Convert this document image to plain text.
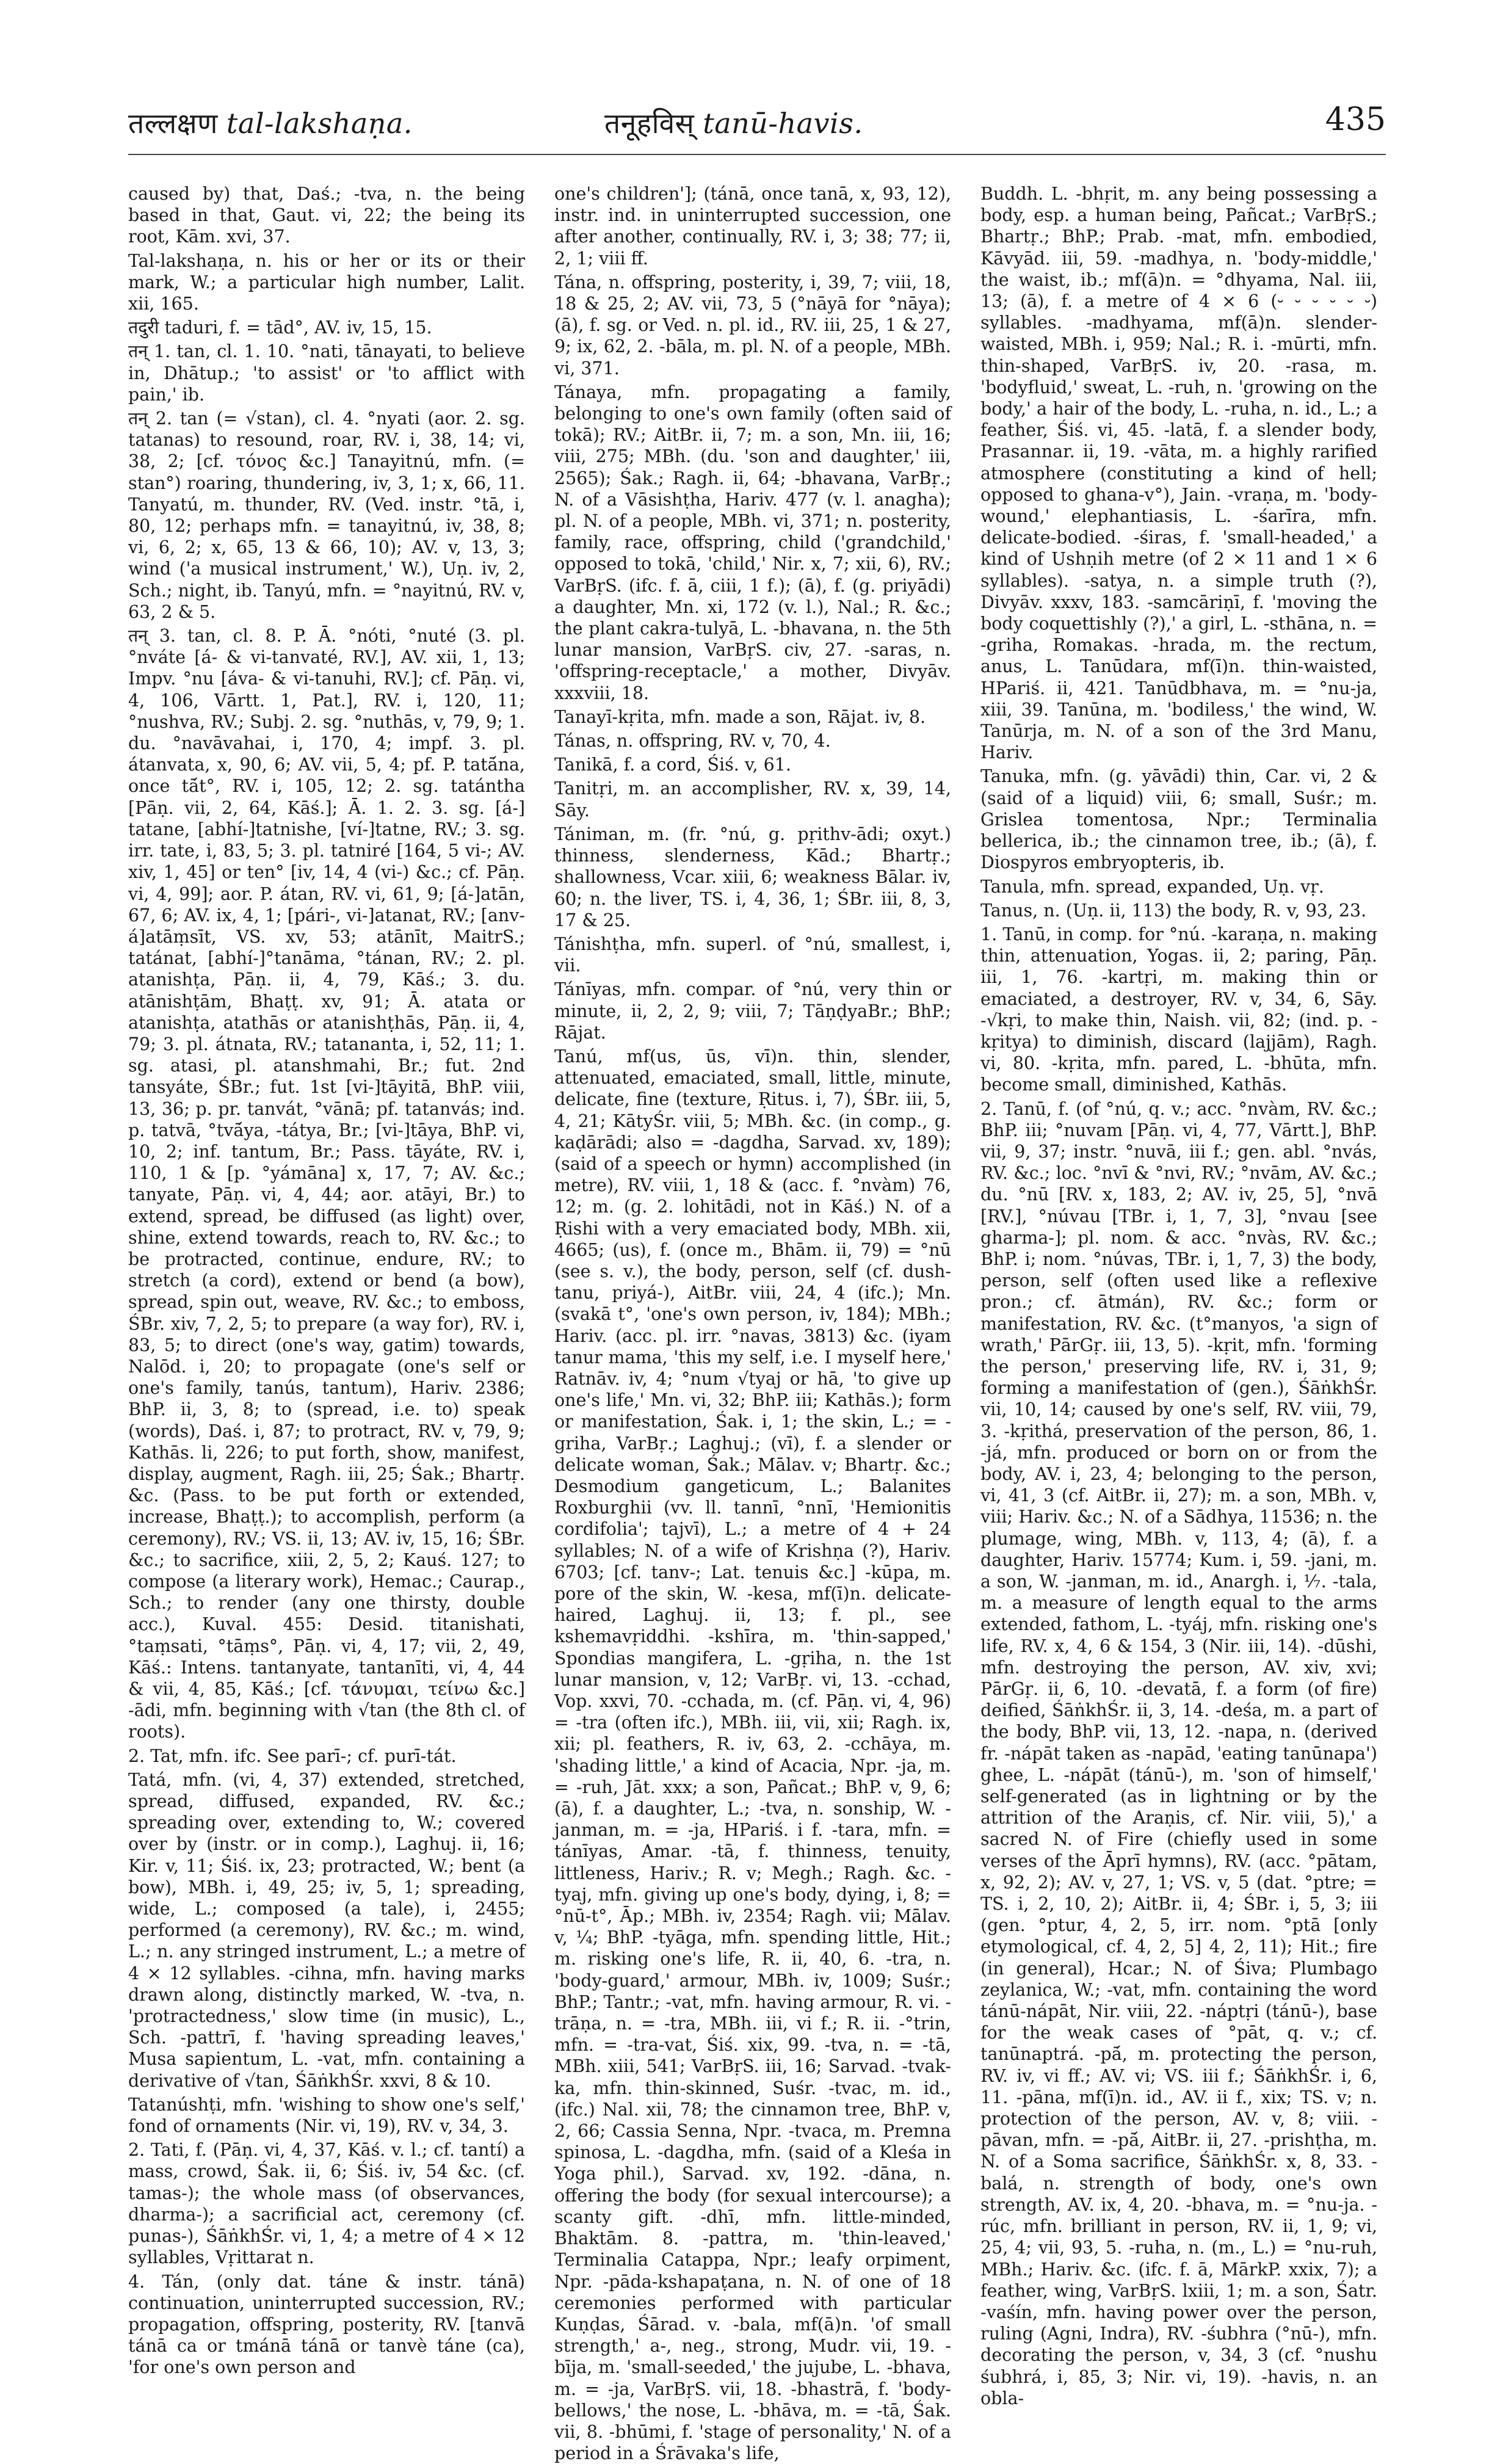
तल्लक्षण tal-lakshaṇa.	तनूहविस् tanū-havis.	435

caused by) that, Daś.; -tva, n. the being based in that, Gaut. vi, 22; the being its root, Kām. xvi, 37.

Tal-lakshaṇa, n. his or her or its or their mark, W.; a particular high number, Lalit. xii, 165.

तदुरी taduri, f. = tād°, AV. iv, 15, 15.

तन् 1. tan, cl. 1. 10. °nati, tānayati, to believe in, Dhātup.; 'to assist' or 'to afflict with pain,' ib.

तन् 2. tan (= √stan), cl. 4. °nyati (aor. 2. sg. tatanas) to resound, roar, RV. i, 38, 14; vi, 38, 2; [cf. τόνος &c.] Tanayitnú, mfn. (= stan°) roaring, thundering, iv, 3, 1; x, 66, 11. Tanyatú, m. thunder, RV. (Ved. instr. °tā, i, 80, 12; perhaps mfn. = tanayitnú, iv, 38, 8; vi, 6, 2; x, 65, 13 & 66, 10); AV. v, 13, 3; wind ('a musical instrument,' W.), Uṇ. iv, 2, Sch.; night, ib. Tanyú, mfn. = °nayitnú, RV. v, 63, 2 & 5.

तन् 3. tan, cl. 8. P. Ā. °nóti, °nuté (3. pl. °nváte [á- & vi-tanvaté, RV.], AV. xii, 1, 13; Impv. °nu [áva- & vi-tanuhi, RV.]; cf. Pāṇ. vi, 4, 106, Vārtt. 1, Pat.], RV. i, 120, 11; °nushva, RV.; Subj. 2. sg. °nuthās, v, 79, 9; 1. du. °navāvahai, i, 170, 4; impf. 3. pl. átanvata, x, 90, 6; AV. vii, 5, 4; pf. P. tatā́na, once tā́t°, RV. i, 105, 12; 2. sg. tatántha [Pāṇ. vii, 2, 64, Kāś.]; Ā. 1. 2. 3. sg. [á-] tatane, [abhí-]tatnishe, [ví-]tatne, RV.; 3. sg. irr. tate, i, 83, 5; 3. pl. tatniré [164, 5 vi-; AV. xiv, 1, 45] or ten° [iv, 14, 4 (vi-) &c.; cf. Pāṇ. vi, 4, 99]; aor. P. átan, RV. vi, 61, 9; [á-]atān, 67, 6; AV. ix, 4, 1; [pári-, vi-]atanat, RV.; [anv-á]atāṃsīt, VS. xv, 53; atānīt, MaitrS.; tatánat, [abhí-]°tanāma, °tánan, RV.; 2. pl. atanishṭa, Pāṇ. ii, 4, 79, Kāś.; 3. du. atānishṭām, Bhaṭṭ. xv, 91; Ā. atata or atanishṭa, atathās or atanishṭhās, Pāṇ. ii, 4, 79; 3. pl. átnata, RV.; tatananta, i, 52, 11; 1. sg. atasi, pl. atanshmahi, Br.; fut. 2nd tansyáte, ŚBr.; fut. 1st [vi-]tāyitā, BhP. viii, 13, 36; p. pr. tanvát, °vānā; pf. tatanvás; ind. p. tatvā, °tvā́ya, -tátya, Br.; [vi-]tāya, BhP. vi, 10, 2; inf. tantum, Br.; Pass. tāyáte, RV. i, 110, 1 & [p. °yámāna] x, 17, 7; AV. &c.; tanyate, Pāṇ. vi, 4, 44; aor. atāyi, Br.) to extend, spread, be diffused (as light) over, shine, extend towards, reach to, RV. &c.; to be protracted, continue, endure, RV.; to stretch (a cord), extend or bend (a bow), spread, spin out, weave, RV. &c.; to emboss, ŚBr. xiv, 7, 2, 5; to prepare (a way for), RV. i, 83, 5; to direct (one's way, gatim) towards, Nalōd. i, 20; to propagate (one's self or one's family, tanús, tantum), Hariv. 2386; BhP. ii, 3, 8; to (spread, i.e. to) speak (words), Daś. i, 87; to protract, RV. v, 79, 9; Kathās. li, 226; to put forth, show, manifest, display, augment, Ragh. iii, 25; Śak.; Bhartṛ. &c. (Pass. to be put forth or extended, increase, Bhaṭṭ.); to accomplish, perform (a ceremony), RV.; VS. ii, 13; AV. iv, 15, 16; ŚBr. &c.; to sacrifice, xiii, 2, 5, 2; Kauś. 127; to compose (a literary work), Hemac.; Caurap., Sch.; to render (any one thirsty, double acc.), Kuval. 455: Desid. titanishati, °taṃsati, °tāṃs°, Pāṇ. vi, 4, 17; vii, 2, 49, Kāś.: Intens. tantanyate, tantanīti, vi, 4, 44 & vii, 4, 85, Kāś.; [cf. τάνυμαι, τείνω &c.] -ādi, mfn. beginning with √tan (the 8th cl. of roots).

2. Tat, mfn. ifc. See parī-; cf. purī-tát.

Tatá, mfn. (vi, 4, 37) extended, stretched, spread, diffused, expanded, RV. &c.; spreading over, extending to, W.; covered over by (instr. or in comp.), Laghuj. ii, 16; Kir. v, 11; Śiś. ix, 23; protracted, W.; bent (a bow), MBh. i, 49, 25; iv, 5, 1; spreading, wide, L.; composed (a tale), i, 2455; performed (a ceremony), RV. &c.; m. wind, L.; n. any stringed instrument, L.; a metre of 4 × 12 syllables. -cihna, mfn. having marks drawn along, distinctly marked, W. -tva, n. 'protractedness,' slow time (in music), L., Sch. -pattrī, f. 'having spreading leaves,' Musa sapientum, L. -vat, mfn. containing a derivative of √tan, ŚāṅkhŚr. xxvi, 8 & 10.

Tatanúshṭi, mfn. 'wishing to show one's self,' fond of ornaments (Nir. vi, 19), RV. v, 34, 3.

2. Tati, f. (Pāṇ. vi, 4, 37, Kāś. v. l.; cf. tantí) a mass, crowd, Śak. ii, 6; Śiś. iv, 54 &c. (cf. tamas-); the whole mass (of observances, dharma-); a sacrificial act, ceremony (cf. punas-), ŚāṅkhŚr. vi, 1, 4; a metre of 4 × 12 syllables, Vṛittarat n.

4. Tán, (only dat. táne & instr. tánā) continuation, uninterrupted succession, RV.; propagation, offspring, posterity, RV. [tanvā tánā ca or tmánā tánā or tanvè táne (ca), 'for one's own person and

one's children']; (tánā, once tanā, x, 93, 12), instr. ind. in uninterrupted succession, one after another, continually, RV. i, 3; 38; 77; ii, 2, 1; viii ff.

Tána, n. offspring, posterity, i, 39, 7; viii, 18, 18 & 25, 2; AV. vii, 73, 5 (°nāyā for °nāya); (ā), f. sg. or Ved. n. pl. id., RV. iii, 25, 1 & 27, 9; ix, 62, 2. -bāla, m. pl. N. of a people, MBh. vi, 371.

Tánaya, mfn. propagating a family, belonging to one's own family (often said of tokā); RV.; AitBr. ii, 7; m. a son, Mn. iii, 16; viii, 275; MBh. (du. 'son and daughter,' iii, 2565); Śak.; Ragh. ii, 64; -bhavana, VarBṛ.; N. of a Vāsishṭha, Hariv. 477 (v. l. anagha); pl. N. of a people, MBh. vi, 371; n. posterity, family, race, offspring, child ('grandchild,' opposed to tokā, 'child,' Nir. x, 7; xii, 6), RV.; VarBṛS. (ifc. f. ā, ciii, 1 f.); (ā), f. (g. priyādi) a daughter, Mn. xi, 172 (v. l.), Nal.; R. &c.; the plant cakra-tulyā, L. -bhavana, n. the 5th lunar mansion, VarBṛS. civ, 27. -saras, n. 'offspring-receptacle,' a mother, Divyāv. xxxviii, 18.

Tanayī-kṛita, mfn. made a son, Rājat. iv, 8.

Tánas, n. offspring, RV. v, 70, 4.

Tanikā, f. a cord, Śiś. v, 61.

Tanitṛi, m. an accomplisher, RV. x, 39, 14, Sāy.

Tániman, m. (fr. °nú, g. pṛithv-ādi; oxyt.) thinness, slenderness, Kād.; Bhartṛ.; shallowness, Vcar. xiii, 6; weakness Bālar. iv, 60; n. the liver, TS. i, 4, 36, 1; ŚBr. iii, 8, 3, 17 & 25.

Tánishṭha, mfn. superl. of °nú, smallest, i, vii.

Tánīyas, mfn. compar. of °nú, very thin or minute, ii, 2, 2, 9; viii, 7; TāṇḍyaBr.; BhP.; Rājat.

Tanú, mf(us, ūs, vī)n. thin, slender, attenuated, emaciated, small, little, minute, delicate, fine (texture, Ṛitus. i, 7), ŚBr. iii, 5, 4, 21; KātyŚr. viii, 5; MBh. &c. (in comp., g. kaḍārādi; also = -dagdha, Sarvad. xv, 189); (said of a speech or hymn) accomplished (in metre), RV. viii, 1, 18 & (acc. f. °nvàm) 76, 12; m. (g. 2. lohitādi, not in Kāś.) N. of a Ṛishi with a very emaciated body, MBh. xii, 4665; (us), f. (once m., Bhām. ii, 79) = °nū (see s. v.), the body, person, self (cf. dush-tanu, priyá-), AitBr. viii, 24, 4 (ifc.); Mn. (svakā t°, 'one's own person, iv, 184); MBh.; Hariv. (acc. pl. irr. °navas, 3813) &c. (iyam tanur mama, 'this my self, i.e. I myself here,' Ratnāv. iv, 4; °num √tyaj or hā, 'to give up one's life,' Mn. vi, 32; BhP. iii; Kathās.); form or manifestation, Śak. i, 1; the skin, L.; = -griha, VarBṛ.; Laghuj.; (vī), f. a slender or delicate woman, Śak.; Mālav. v; Bhartṛ. &c.; Desmodium gangeticum, L.; Balanites Roxburghii (vv. ll. tannī, °nnī, 'Hemionitis cordifolia'; tajvī), L.; a metre of 4 + 24 syllables; N. of a wife of Krishṇa (?), Hariv. 6703; [cf. tanv-; Lat. tenuis &c.] -kūpa, m. pore of the skin, W. -kesa, mf(ī)n. delicate-haired, Laghuj. ii, 13; f. pl., see kshemavṛiddhi. -kshīra, m. 'thin-sapped,' Spondias mangifera, L. -gṛiha, n. the 1st lunar mansion, v, 12; VarBṛ. vi, 13. -cchad, Vop. xxvi, 70. -cchada, m. (cf. Pāṇ. vi, 4, 96) = -tra (often ifc.), MBh. iii, vii, xii; Ragh. ix, xii; pl. feathers, R. iv, 63, 2. -cchāya, m. 'shading little,' a kind of Acacia, Npr. -ja, m. = -ruh, Jāt. xxx; a son, Pañcat.; BhP. v, 9, 6; (ā), f. a daughter, L.; -tva, n. sonship, W. -janman, m. = -ja, HPariś. i f. -tara, mfn. = tánīyas, Amar. -tā, f. thinness, tenuity, littleness, Hariv.; R. v; Megh.; Ragh. &c. -tyaj, mfn. giving up one's body, dying, i, 8; = °nū-t°, Āp.; MBh. iv, 2354; Ragh. vii; Mālav. v, ¼; BhP. -tyāga, mfn. spending little, Hit.; m. risking one's life, R. ii, 40, 6. -tra, n. 'body-guard,' armour, MBh. iv, 1009; Suśr.; BhP.; Tantr.; -vat, mfn. having armour, R. vi. -trāṇa, n. = -tra, MBh. iii, vi f.; R. ii. -°trin, mfn. = -tra-vat, Śiś. xix, 99. -tva, n. = -tā, MBh. xiii, 541; VarBṛS. iii, 16; Sarvad. -tvak-ka, mfn. thin-skinned, Suśr. -tvac, m. id., (ifc.) Nal. xii, 78; the cinnamon tree, BhP. v, 2, 66; Cassia Senna, Npr. -tvaca, m. Premna spinosa, L. -dagdha, mfn. (said of a Kleśa in Yoga phil.), Sarvad. xv, 192. -dāna, n. offering the body (for sexual intercourse); a scanty gift. -dhī, mfn. little-minded, Bhaktām. 8. -pattra, m. 'thin-leaved,' Terminalia Catappa, Npr.; leafy orpiment, Npr. -pāda-kshapaṭana, n. N. of one of 18 ceremonies performed with particular Kuṇḍas, Śārad. v. -bala, mf(ā)n. 'of small strength,' a-, neg., strong, Mudr. vii, 19. -bīja, m. 'small-seeded,' the jujube, L. -bhava, m. = -ja, VarBṛS. vii, 18. -bhastrā, f. 'body-bellows,' the nose, L. -bhāva, m. = -tā, Śak. vii, 8. -bhūmi, f. 'stage of personality,' N. of a period in a Śrāvaka's life,

Buddh. L. -bhṛit, m. any being possessing a body, esp. a human being, Pañcat.; VarBṛS.; Bhartṛ.; BhP.; Prab. -mat, mfn. embodied, Kāvyād. iii, 59. -madhya, n. 'body-middle,' the waist, ib.; mf(ā)n. = °dhyama, Nal. iii, 13; (ā), f. a metre of 4 × 6 (⏑ ⏑ ⏑ ⏑ ⏑ ⏑) syllables. -madhyama, mf(ā)n. slender-waisted, MBh. i, 959; Nal.; R. i. -mūrti, mfn. thin-shaped, VarBṛS. iv, 20. -rasa, m. 'bodyfluid,' sweat, L. -ruh, n. 'growing on the body,' a hair of the body, L. -ruha, n. id., L.; a feather, Śiś. vi, 45. -latā, f. a slender body, Prasannar. ii, 19. -vāta, m. a highly rarified atmosphere (constituting a kind of hell; opposed to ghana-v°), Jain. -vraṇa, m. 'body-wound,' elephantiasis, L. -śarīra, mfn. delicate-bodied. -śiras, f. 'small-headed,' a kind of Ushṇih metre (of 2 × 11 and 1 × 6 syllables). -satya, n. a simple truth (?), Divyāv. xxxv, 183. -samcāriṇī, f. 'moving the body coquettishly (?),' a girl, L. -sthāna, n. = -griha, Romakas. -hrada, m. the rectum, anus, L. Tanūdara, mf(ī)n. thin-waisted, HPariś. ii, 421. Tanūdbhava, m. = °nu-ja, xiii, 39. Tanūna, m. 'bodiless,' the wind, W. Tanūrja, m. N. of a son of the 3rd Manu, Hariv.

Tanuka, mfn. (g. yāvādi) thin, Car. vi, 2 & (said of a liquid) viii, 6; small, Suśr.; m. Grislea tomentosa, Npr.; Terminalia bellerica, ib.; the cinnamon tree, ib.; (ā), f. Diospyros embryopteris, ib.

Tanula, mfn. spread, expanded, Uṇ. vṛ.

Tanus, n. (Uṇ. ii, 113) the body, R. v, 93, 23.

1. Tanū, in comp. for °nú. -karaṇa, n. making thin, attenuation, Yogas. ii, 2; paring, Pāṇ. iii, 1, 76. -kartṛi, m. making thin or emaciated, a destroyer, RV. v, 34, 6, Sāy. -√kṛi, to make thin, Naish. vii, 82; (ind. p. -kṛitya) to diminish, discard (lajjām), Ragh. vi, 80. -kṛita, mfn. pared, L. -bhūta, mfn. become small, diminished, Kathās.

2. Tanū, f. (of °nú, q. v.; acc. °nvàm, RV. &c.; BhP. iii; °nuvam [Pāṇ. vi, 4, 77, Vārtt.], BhP. vii, 9, 37; instr. °nuvā, iii f.; gen. abl. °nvás, RV. &c.; loc. °nvī & °nvi, RV.; °nvām, AV. &c.; du. °nū [RV. x, 183, 2; AV. iv, 25, 5], °nvā [RV.], °núvau [TBr. i, 1, 7, 3], °nvau [see gharma-]; pl. nom. & acc. °nvàs, RV. &c.; BhP. i; nom. °núvas, TBr. i, 1, 7, 3) the body, person, self (often used like a reflexive pron.; cf. ātmán), RV. &c.; form or manifestation, RV. &c. (t°manyos, 'a sign of wrath,' PārGṛ. iii, 13, 5). -kṛit, mfn. 'forming the person,' preserving life, RV. i, 31, 9; forming a manifestation of (gen.), ŚāṅkhŚr. vii, 10, 14; caused by one's self, RV. viii, 79, 3. -kṛithá, preservation of the person, 86, 1. -já, mfn. produced or born on or from the body, AV. i, 23, 4; belonging to the person, vi, 41, 3 (cf. AitBr. ii, 27); m. a son, MBh. v, viii; Hariv. &c.; N. of a Sādhya, 11536; n. the plumage, wing, MBh. v, 113, 4; (ā), f. a daughter, Hariv. 15774; Kum. i, 59. -jani, m. a son, W. -janman, m. id., Anargh. i, ⅐. -tala, m. a measure of length equal to the arms extended, fathom, L. -tyáj, mfn. risking one's life, RV. x, 4, 6 & 154, 3 (Nir. iii, 14). -dūshi, mfn. destroying the person, AV. xiv, xvi; PārGṛ. ii, 6, 10. -devatā, f. a form (of fire) deified, ŚāṅkhŚr. ii, 3, 14. -deśa, m. a part of the body, BhP. vii, 13, 12. -napa, n. (derived fr. -nápāt taken as -napād, 'eating tanūnapa') ghee, L. -nápāt (tánū-), m. 'son of himself,' self-generated (as in lightning or by the attrition of the Araṇis, cf. Nir. viii, 5),' a sacred N. of Fire (chiefly used in some verses of the Āprī hymns), RV. (acc. °pātam, x, 92, 2); AV. v, 27, 1; VS. v, 5 (dat. °ptre; = TS. i, 2, 10, 2); AitBr. ii, 4; ŚBr. i, 5, 3; iii (gen. °ptur, 4, 2, 5, irr. nom. °ptā [only etymological, cf. 4, 2, 5] 4, 2, 11); Hit.; fire (in general), Hcar.; N. of Śiva; Plumbago zeylanica, W.; -vat, mfn. containing the word tánū-nápāt, Nir. viii, 22. -náptṛi (tánū-), base for the weak cases of °pāt, q. v.; cf. tanūnaptrá. -pā́, m. protecting the person, RV. iv, vi ff.; AV. vi; VS. iii f.; ŚāṅkhŚr. i, 6, 11. -pāna, mf(ī)n. id., AV. ii f., xix; TS. v; n. protection of the person, AV. v, 8; viii. -pāvan, mfn. = -pā́, AitBr. ii, 27. -prishṭha, m. N. of a Soma sacrifice, ŚāṅkhŚr. x, 8, 33. -balá, n. strength of body, one's own strength, AV. ix, 4, 20. -bhava, m. = °nu-ja. -rúc, mfn. brilliant in person, RV. ii, 1, 9; vi, 25, 4; vii, 93, 5. -ruha, n. (m., L.) = °nu-ruh, MBh.; Hariv. &c. (ifc. f. ā, MārkP. xxix, 7); a feather, wing, VarBṛS. lxiii, 1; m. a son, Śatr. -vaśín, mfn. having power over the person, ruling (Agni, Indra), RV. -śubhra (°nū-), mfn. decorating the person, v, 34, 3 (cf. °nushu śubhrá, i, 85, 3; Nir. vi, 19). -havis, n. an obla-
